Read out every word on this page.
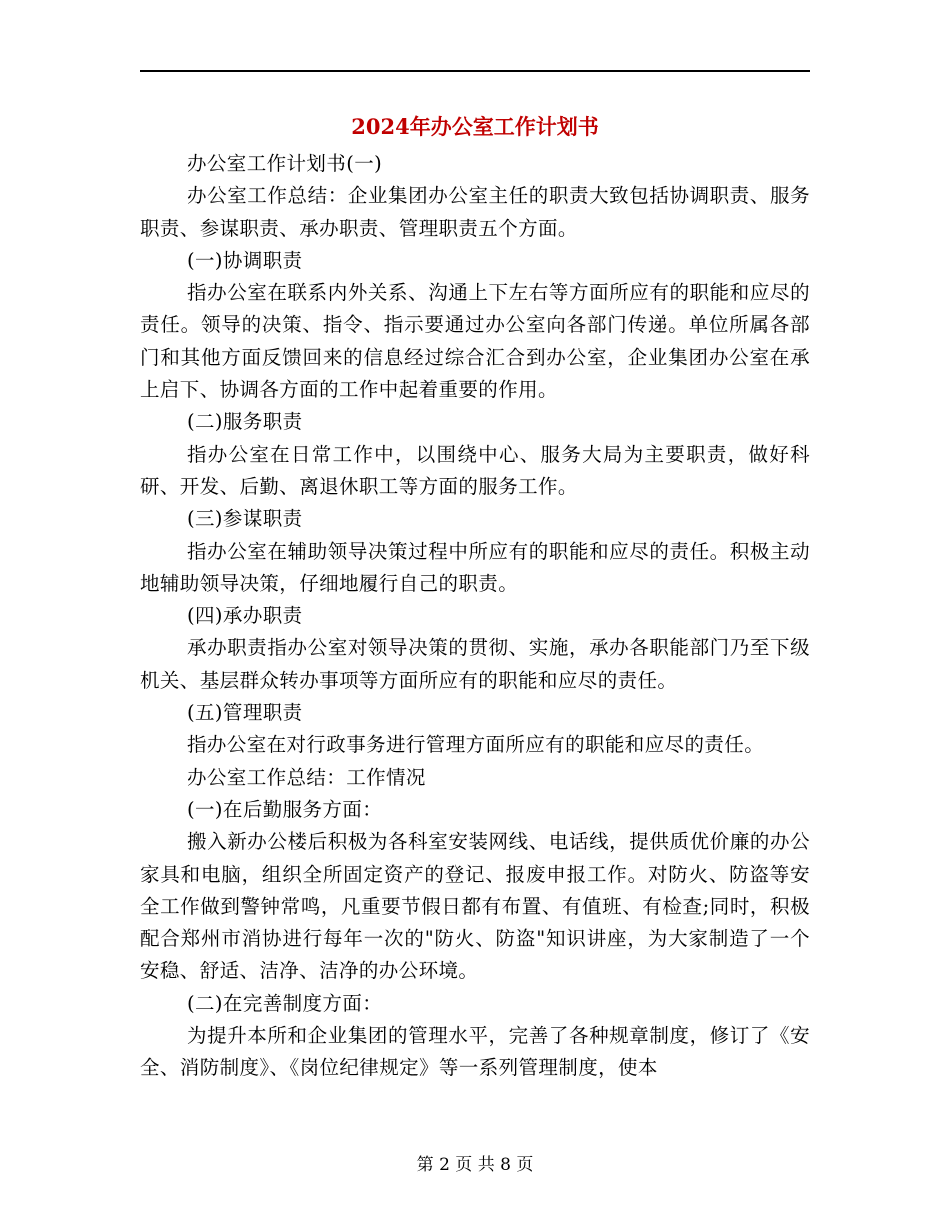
2024年办公室工作计划书

办公室工作计划书(一)

办公室工作总结：企业集团办公室主任的职责大致包括协调职责、服务职责、参谋职责、承办职责、管理职责五个方面。

(一)协调职责

指办公室在联系内外关系、沟通上下左右等方面所应有的职能和应尽的责任。领导的决策、指令、指示要通过办公室向各部门传递。单位所属各部门和其他方面反馈回来的信息经过综合汇合到办公室，企业集团办公室在承上启下、协调各方面的工作中起着重要的作用。

(二)服务职责

指办公室在日常工作中，以围绕中心、服务大局为主要职责，做好科研、开发、后勤、离退休职工等方面的服务工作。

(三)参谋职责

指办公室在辅助领导决策过程中所应有的职能和应尽的责任。积极主动地辅助领导决策，仔细地履行自己的职责。

(四)承办职责

承办职责指办公室对领导决策的贯彻、实施，承办各职能部门乃至下级机关、基层群众转办事项等方面所应有的职能和应尽的责任。

(五)管理职责

指办公室在对行政事务进行管理方面所应有的职能和应尽的责任。

办公室工作总结：工作情况

(一)在后勤服务方面：

搬入新办公楼后积极为各科室安装网线、电话线，提供质优价廉的办公家具和电脑，组织全所固定资产的登记、报废申报工作。对防火、防盗等安全工作做到警钟常鸣，凡重要节假日都有布置、有值班、有检查;同时，积极配合郑州市消协进行每年一次的"防火、防盗"知识讲座，为大家制造了一个安稳、舒适、洁净、洁净的办公环境。

(二)在完善制度方面：

为提升本所和企业集团的管理水平，完善了各种规章制度，修订了《安全、消防制度》、《岗位纪律规定》等一系列管理制度，使本

第 2 页 共 8 页
